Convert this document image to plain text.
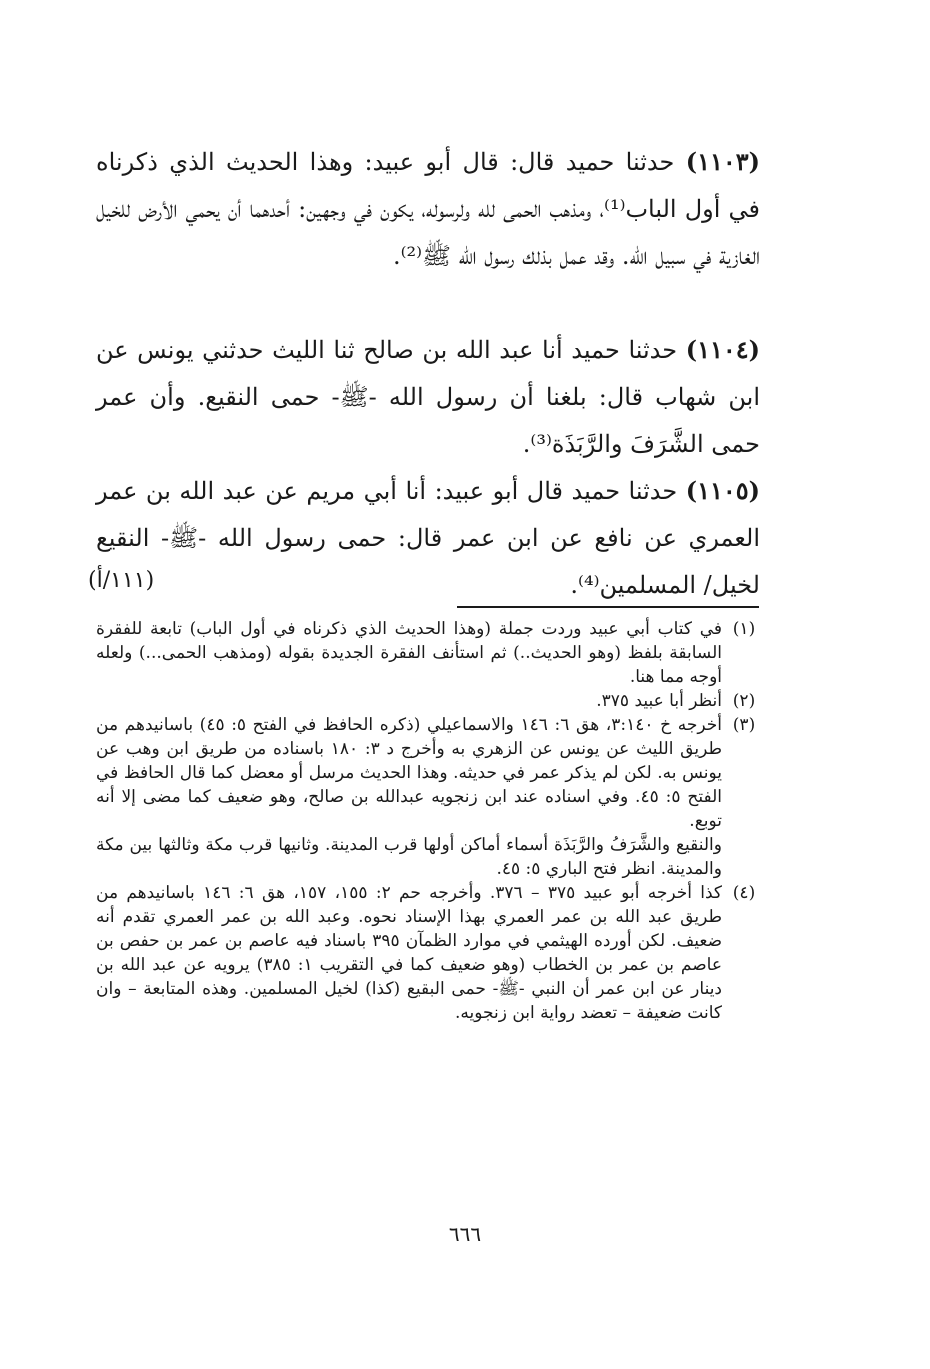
(١١٠٣) حدثنا حميد قال: قال أبو عبيد: وهذا الحديث الذي ذكرناه في أول الباب⁽¹⁾، ومذهب الحمى لله ولرسوله، يكون في وجهين: أحدهما أن يحمي الأرض للخيل الغازية في سبيل الله. وقد عمل بذلك رسول الله ﷺ⁽²⁾.

(١١٠٤) حدثنا حميد أنا عبد الله بن صالح ثنا الليث حدثني يونس عن ابن شهاب قال: بلغنا أن رسول الله -ﷺ- حمى النقيع. وأن عمر حمى الشَّرَفَ والرَّبَذَة⁽³⁾.

(١١٠٥) حدثنا حميد قال أبو عبيد: أنا أبي مريم عن عبد الله بن عمر العمري عن نافع عن ابن عمر قال: حمى رسول الله -ﷺ- النقيع لخيل/ المسلمين⁽⁴⁾.

(١١١/أ)
(١)

في كتاب أبي عبيد وردت جملة (وهذا الحديث الذي ذكرناه في أول الباب) تابعة للفقرة السابقة بلفظ (وهو الحديث..) ثم استأنف الفقرة الجديدة بقوله (ومذهب الحمى...) ولعله أوجه مما هنا.

(٢)

أنظر أبا عبيد ٣٧٥.

(٣)

أخرجه خ ٣:١٤٠، هق ٦: ١٤٦ والاسماعيلي (ذكره الحافظ في الفتح ٥: ٤٥) باسانيدهم من طريق الليث عن يونس عن الزهري به وأخرج د ٣: ١٨٠ باسناده من طريق ابن وهب عن يونس به. لكن لم يذكر عمر في حديثه. وهذا الحديث مرسل أو معضل كما قال الحافظ في الفتح ٥: ٤٥. وفي اسناده عند ابن زنجويه عبدالله بن صالح، وهو ضعيف كما مضى إلا أنه توبع.

والنقيع والشَّرَفُ والرَّبَذَة أسماء أماكن أولها قرب المدينة. وثانيها قرب مكة وثالثها بين مكة والمدينة. انظر فتح الباري ٥: ٤٥.

(٤)

كذا أخرجه أبو عبيد ٣٧٥ – ٣٧٦. وأخرجه حم ٢: ١٥٥، ١٥٧، هق ٦: ١٤٦ باسانيدهم من طريق عبد الله بن عمر العمري بهذا الإسناد نحوه. وعبد الله بن عمر العمري تقدم أنه ضعيف. لكن أورده الهيثمي في موارد الظمآن ٣٩٥ باسناد فيه عاصم بن عمر بن حفص بن عاصم بن عمر بن الخطاب (وهو ضعيف كما في التقريب ١: ٣٨٥) يرويه عن عبد الله بن دينار عن ابن عمر أن النبي -ﷺ- حمى البقيع (كذا) لخيل المسلمين. وهذه المتابعة – وان كانت ضعيفة – تعضد رواية ابن زنجويه.

٦٦٦
